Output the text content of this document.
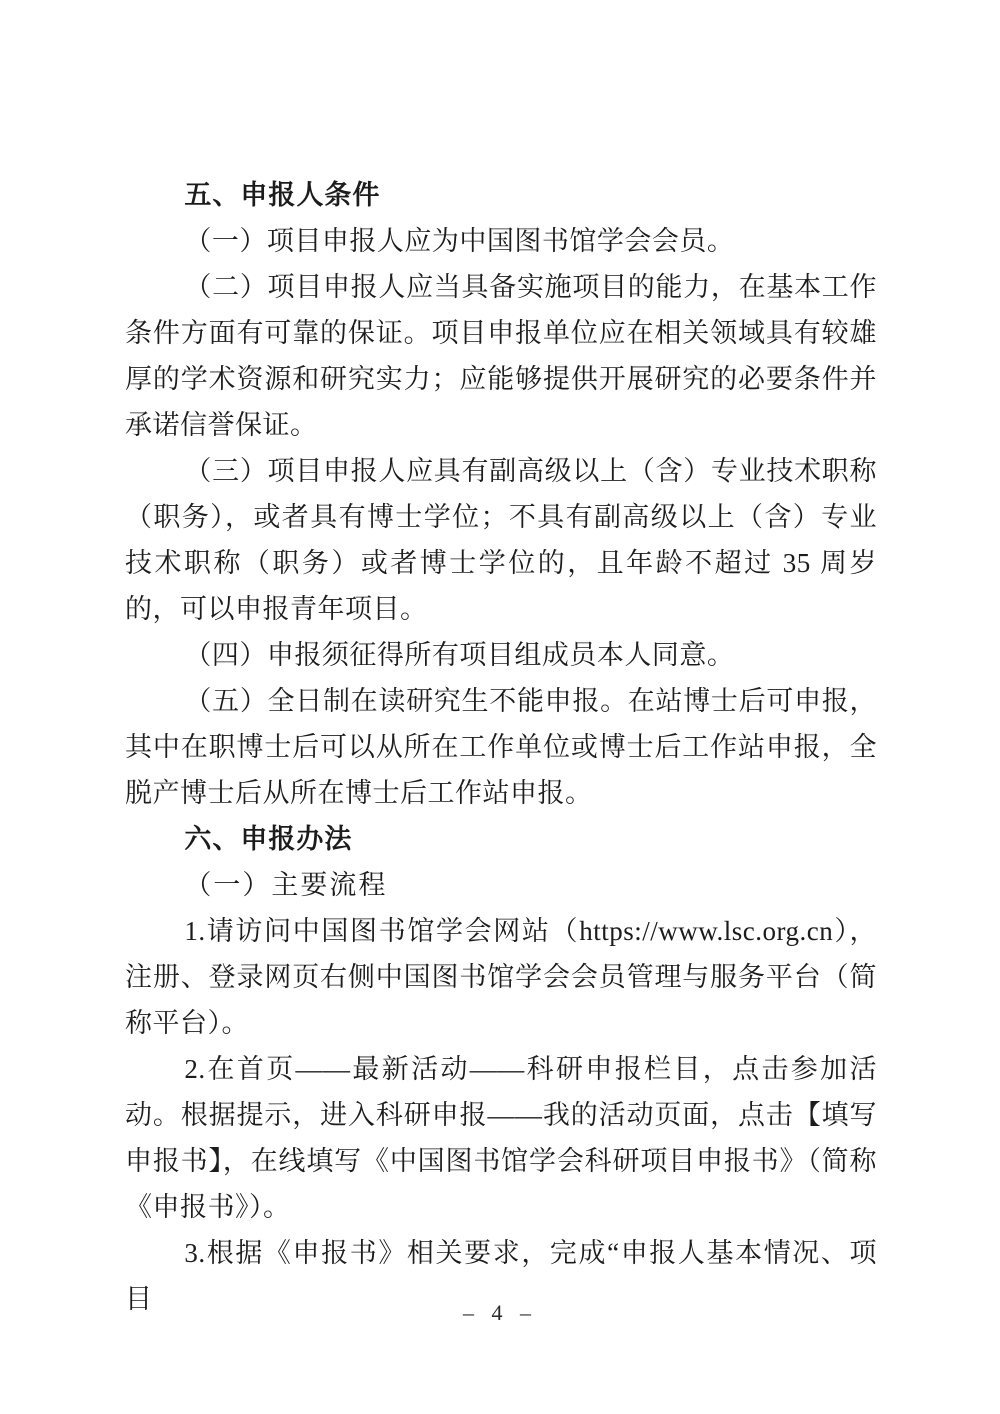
五、申报人条件

（一）项目申报人应为中国图书馆学会会员。

（二）项目申报人应当具备实施项目的能力，在基本工作条件方面有可靠的保证。项目申报单位应在相关领域具有较雄厚的学术资源和研究实力；应能够提供开展研究的必要条件并承诺信誉保证。

（三）项目申报人应具有副高级以上（含）专业技术职称（职务），或者具有博士学位；不具有副高级以上（含）专业技术职称（职务）或者博士学位的，且年龄不超过 35 周岁的，可以申报青年项目。

（四）申报须征得所有项目组成员本人同意。

（五）全日制在读研究生不能申报。在站博士后可申报，其中在职博士后可以从所在工作单位或博士后工作站申报，全脱产博士后从所在博士后工作站申报。

六、申报办法

（一）主要流程

1.请访问中国图书馆学会网站（https://www.lsc.org.cn），注册、登录网页右侧中国图书馆学会会员管理与服务平台（简称平台）。

2.在首页——最新活动——科研申报栏目，点击参加活动。根据提示，进入科研申报——我的活动页面，点击【填写申报书】，在线填写《中国图书馆学会科研项目申报书》（简称《申报书》）。

3.根据《申报书》相关要求，完成“申报人基本情况、项目	– 4 –
